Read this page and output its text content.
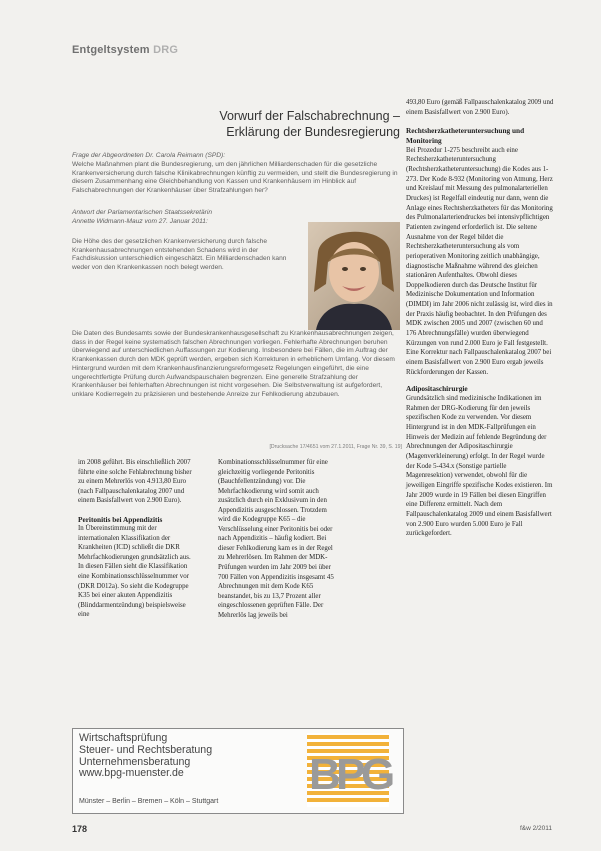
Entgeltsystem DRG
Vorwurf der Falschabrechnung –
Erklärung der Bundesregierung
Frage der Abgeordneten Dr. Carola Reimann (SPD):
Welche Maßnahmen plant die Bundesregierung, um den jährlichen Milliardenschaden für die gesetzliche Krankenversicherung durch falsche Klinikabrechnungen künftig zu vermeiden, und stellt die Bundesregierung in diesem Zusammenhang eine Gleichbehandlung von Kassen und Krankenhäusern im Hinblick auf Falschabrechnungen der Krankenhäuser über Strafzahlungen her?
Antwort der Parlamentarischen Staatssekretärin
Annette Widmann-Mauz vom 27. Januar 2011:
Die Höhe des der gesetzlichen Krankenversicherung durch falsche Krankenhausabrechnungen entstehenden Schadens wird in der Fachdiskussion unterschiedlich eingeschätzt. Ein Milliardenschaden kann weder von den Krankenkassen noch belegt werden.
Die Daten des Bundesamts sowie der Bundeskrankenhausgesellschaft zu Krankenhausabrechnungen zeigen, dass in der Regel keine systematisch falschen Abrechnungen vorliegen. Fehlerhafte Abrechnungen beruhen überwiegend auf unterschiedlichen Auffassungen zur Kodierung. Insbesondere bei Fällen, die im Auftrag der Krankenkassen durch den MDK geprüft werden, ergeben sich Korrekturen in erheblichem Umfang. Vor diesem Hintergrund wurden mit dem Krankenhausfinanzierungsreformgesetz Regelungen eingeführt, die eine ungerechtfertigte Prüfung durch Aufwandspauschalen begrenzen. Eine generelle Strafzahlung der Krankenhäuser bei fehlerhaften Abrechnungen ist nicht vorgesehen. Die Selbstverwaltung ist aufgefordert, unklare Kodierregeln zu präzisieren und bestehende Anreize zur Fehlkodierung abzubauen.
[Drucksache 17/4651 vom 27.1.2011, Frage Nr. 39, S. 19]
493,80 Euro (gemäß Fallpauschalenkatalog 2009 und einem Basisfallwert von 2.900 Euro).
Rechtsherzkatheteruntersuchung und Monitoring
Bei Prozedur 1-275 beschreibt auch eine Rechtsherzkatheteruntersuchung (Rechtsherzkatheteruntersuchung) die Kodes aus 1-273. Der Kode 8-932 (Monitoring von Atmung, Herz und Kreislauf mit Messung des pulmonalarteriellen Druckes) ist Regelfall eindeutig nur dann, wenn die Anlage eines Rechtsherzkatheters für das Monitoring des Pulmonalarteriendruckes bei intensivpflichtigen Patienten zwingend erforderlich ist. Die seltene Ausnahme von der Regel bildet die Rechtsherzkatheteruntersuchung als vom perioperativen Monitoring zeitlich unabhängige, diagnostische Maßnahme während des gleichen stationären Aufenthaltes. Obwohl dieses Doppelkodieren durch das Deutsche Institut für Medizinische Dokumentation und Information (DIMDI) im Jahr 2006 nicht zulässig ist, wird dies in der Praxis häufig beobachtet. In den Prüfungen des MDK zwischen 2005 und 2007 (zwischen 60 und 176 Abrechnungsfälle) wurden überwiegend Kürzungen von rund 2.000 Euro je Fall festgestellt. Eine Korrektur nach Fallpauschalenkatalog 2007 bei einem Basisfallwert von 2.900 Euro ergab jeweils Rückforderungen der Kassen.
Adipositaschirurgie
Grundsätzlich sind medizinische Indikationen im Rahmen der DRG-Kodierung für den jeweils spezifischen Kode zu verwenden. Vor diesem Hintergrund ist in den MDK-Fallprüfungen ein Hinweis der Medizin auf fehlende Begründung der Abrechnungen der Adipositaschirurgie (Magenverkleinerung) erfolgt. In der Regel wurde der Kode 5-434.x (Sonstige partielle Magenresektion) verwendet, obwohl für die jeweiligen Eingriffe spezifische Kodes existieren. Im Jahr 2009 wurde in 19 Fällen bei diesen Eingriffen eine Differenz ermittelt. Nach dem Fallpauschalenkatalog 2009 und einem Basisfallwert von 2.900 Euro wurden 5.000 Euro je Fall zurückgefordert.
im 2008 geführt. Bis einschließlich 2007 führte eine solche Fehlabrechnung bisher zu einem Mehrerlös von 4.913,80 Euro (nach Fallpauschalenkatalog 2007 und einem Basisfallwert von 2.900 Euro).
Peritonitis bei Appendizitis
In Übereinstimmung mit der internationalen Klassifikation der Krankheiten (ICD) schließt die DKR Mehrfachkodierungen grundsätzlich aus. In diesen Fällen sieht die Klassifikation eine Kombinationsschlüsselnummer vor (DKR D012a). So sieht die Kodegruppe K35 bei einer akuten Appendizitis (Blinddarmentzündung) beispielsweise eine
Kombinationsschlüsselnummer für eine gleichzeitig vorliegende Peritonitis (Bauchfellentzündung) vor. Die Mehrfachkodierung wird somit auch zusätzlich durch ein Exklusivum in den Appendizitis ausgeschlossen. Trotzdem wird die Kodegruppe K65 – die Verschlüsselung einer Peritonitis bei oder nach Appendizitis – häufig kodiert. Bei dieser Fehlkodierung kam es in der Regel zu Mehrerlösen. Im Rahmen der MDK-Prüfungen wurden im Jahr 2009 bei über 700 Fällen von Appendizitis insgesamt 45 Abrechnungen mit dem Kode K65 beanstandet, bis zu 13,7 Prozent aller eingeschlossenen geprüften Fälle. Der Mehrerlös lag jeweils bei
Wirtschaftsprüfung
Steuer- und Rechtsberatung
Unternehmensberatung
www.bpg-muenster.de
Münster – Berlin – Bremen – Köln – Stuttgart
B
P
G
178	f&w 2/2011
